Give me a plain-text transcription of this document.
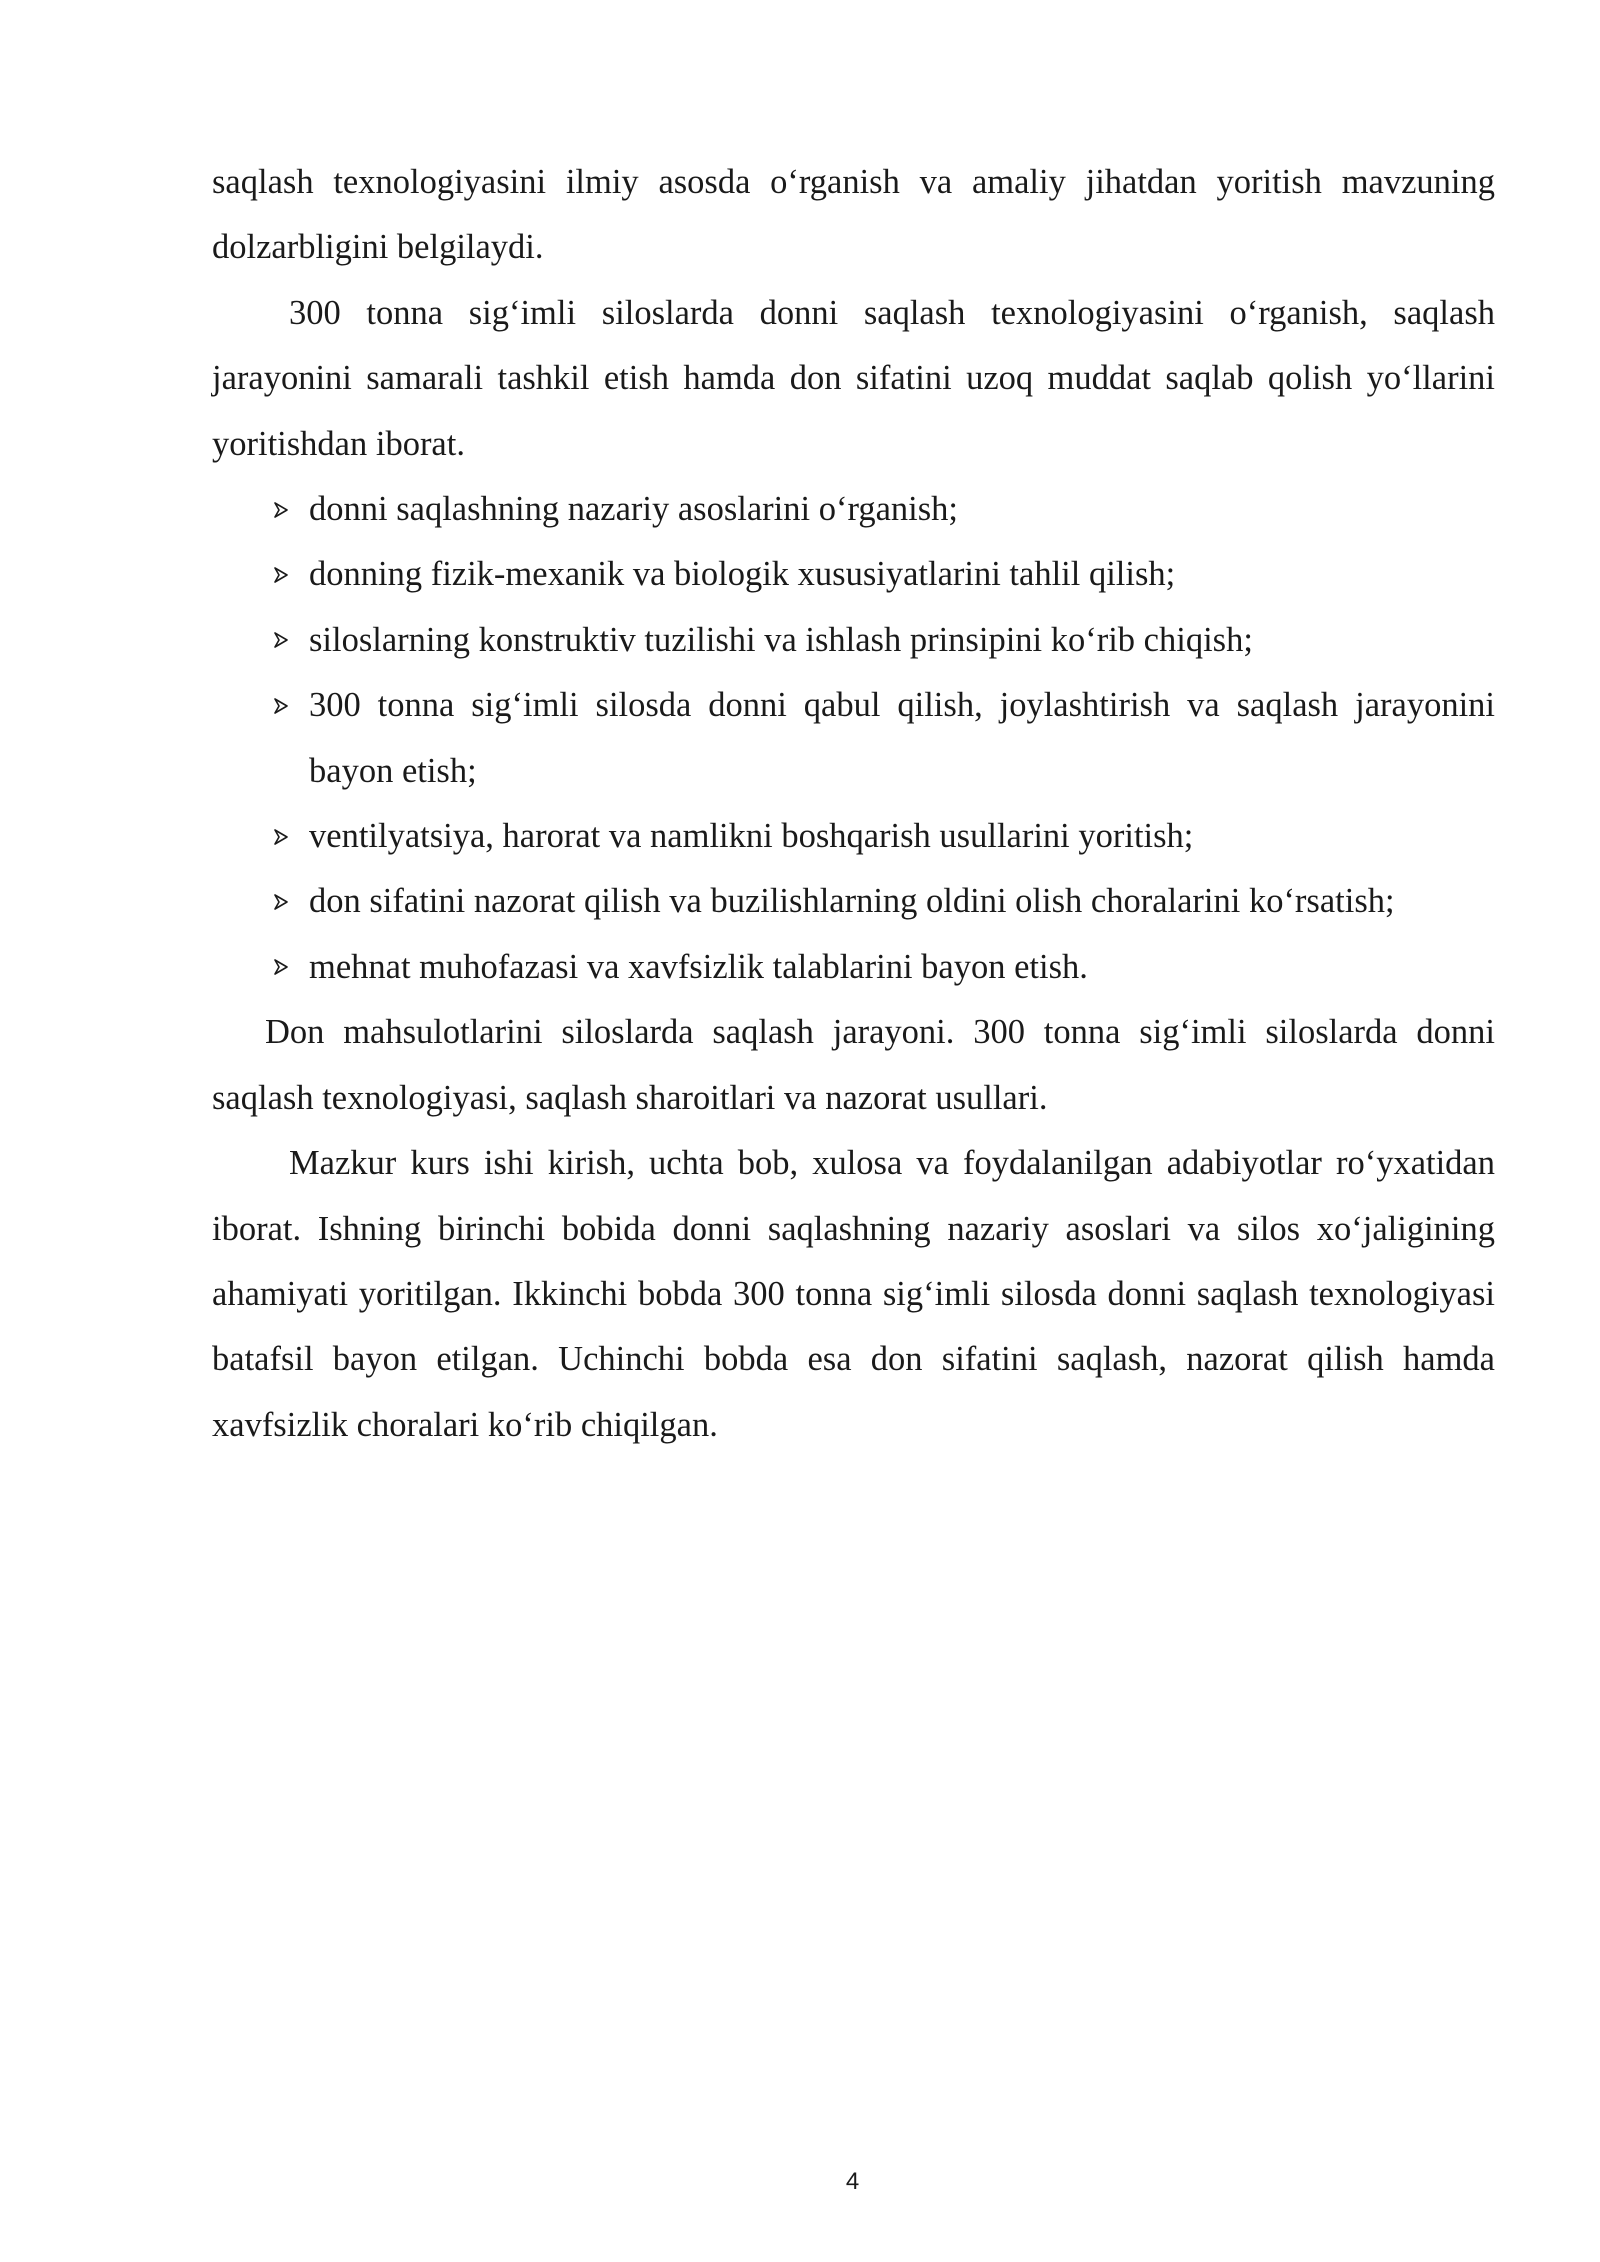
saqlash texnologiyasini ilmiy asosda o‘rganish va amaliy jihatdan yoritish mavzuning dolzarbligini belgilaydi.

300 tonna sig‘imli siloslarda donni saqlash texnologiyasini o‘rganish, saqlash jarayonini samarali tashkil etish hamda don sifatini uzoq muddat saqlab qolish yo‘llarini yoritishdan iborat.

donni saqlashning nazariy asoslarini o‘rganish;
donning fizik-mexanik va biologik xususiyatlarini tahlil qilish;
siloslarning konstruktiv tuzilishi va ishlash prinsipini ko‘rib chiqish;
300 tonna sig‘imli silosda donni qabul qilish, joylashtirish va saqlash jarayonini bayon etish;
ventilyatsiya, harorat va namlikni boshqarish usullarini yoritish;
don sifatini nazorat qilish va buzilishlarning oldini olish choralarini ko‘rsatish;
mehnat muhofazasi va xavfsizlik talablarini bayon etish.

Don mahsulotlarini siloslarda saqlash jarayoni. 300 tonna sig‘imli siloslarda donni saqlash texnologiyasi, saqlash sharoitlari va nazorat usullari.

Mazkur kurs ishi kirish, uchta bob, xulosa va foydalanilgan adabiyotlar ro‘yxatidan iborat. Ishning birinchi bobida donni saqlashning nazariy asoslari va silos xo‘jaligining ahamiyati yoritilgan. Ikkinchi bobda 300 tonna sig‘imli silosda donni saqlash texnologiyasi batafsil bayon etilgan. Uchinchi bobda esa don sifatini saqlash, nazorat qilish hamda xavfsizlik choralari ko‘rib chiqilgan.

4
